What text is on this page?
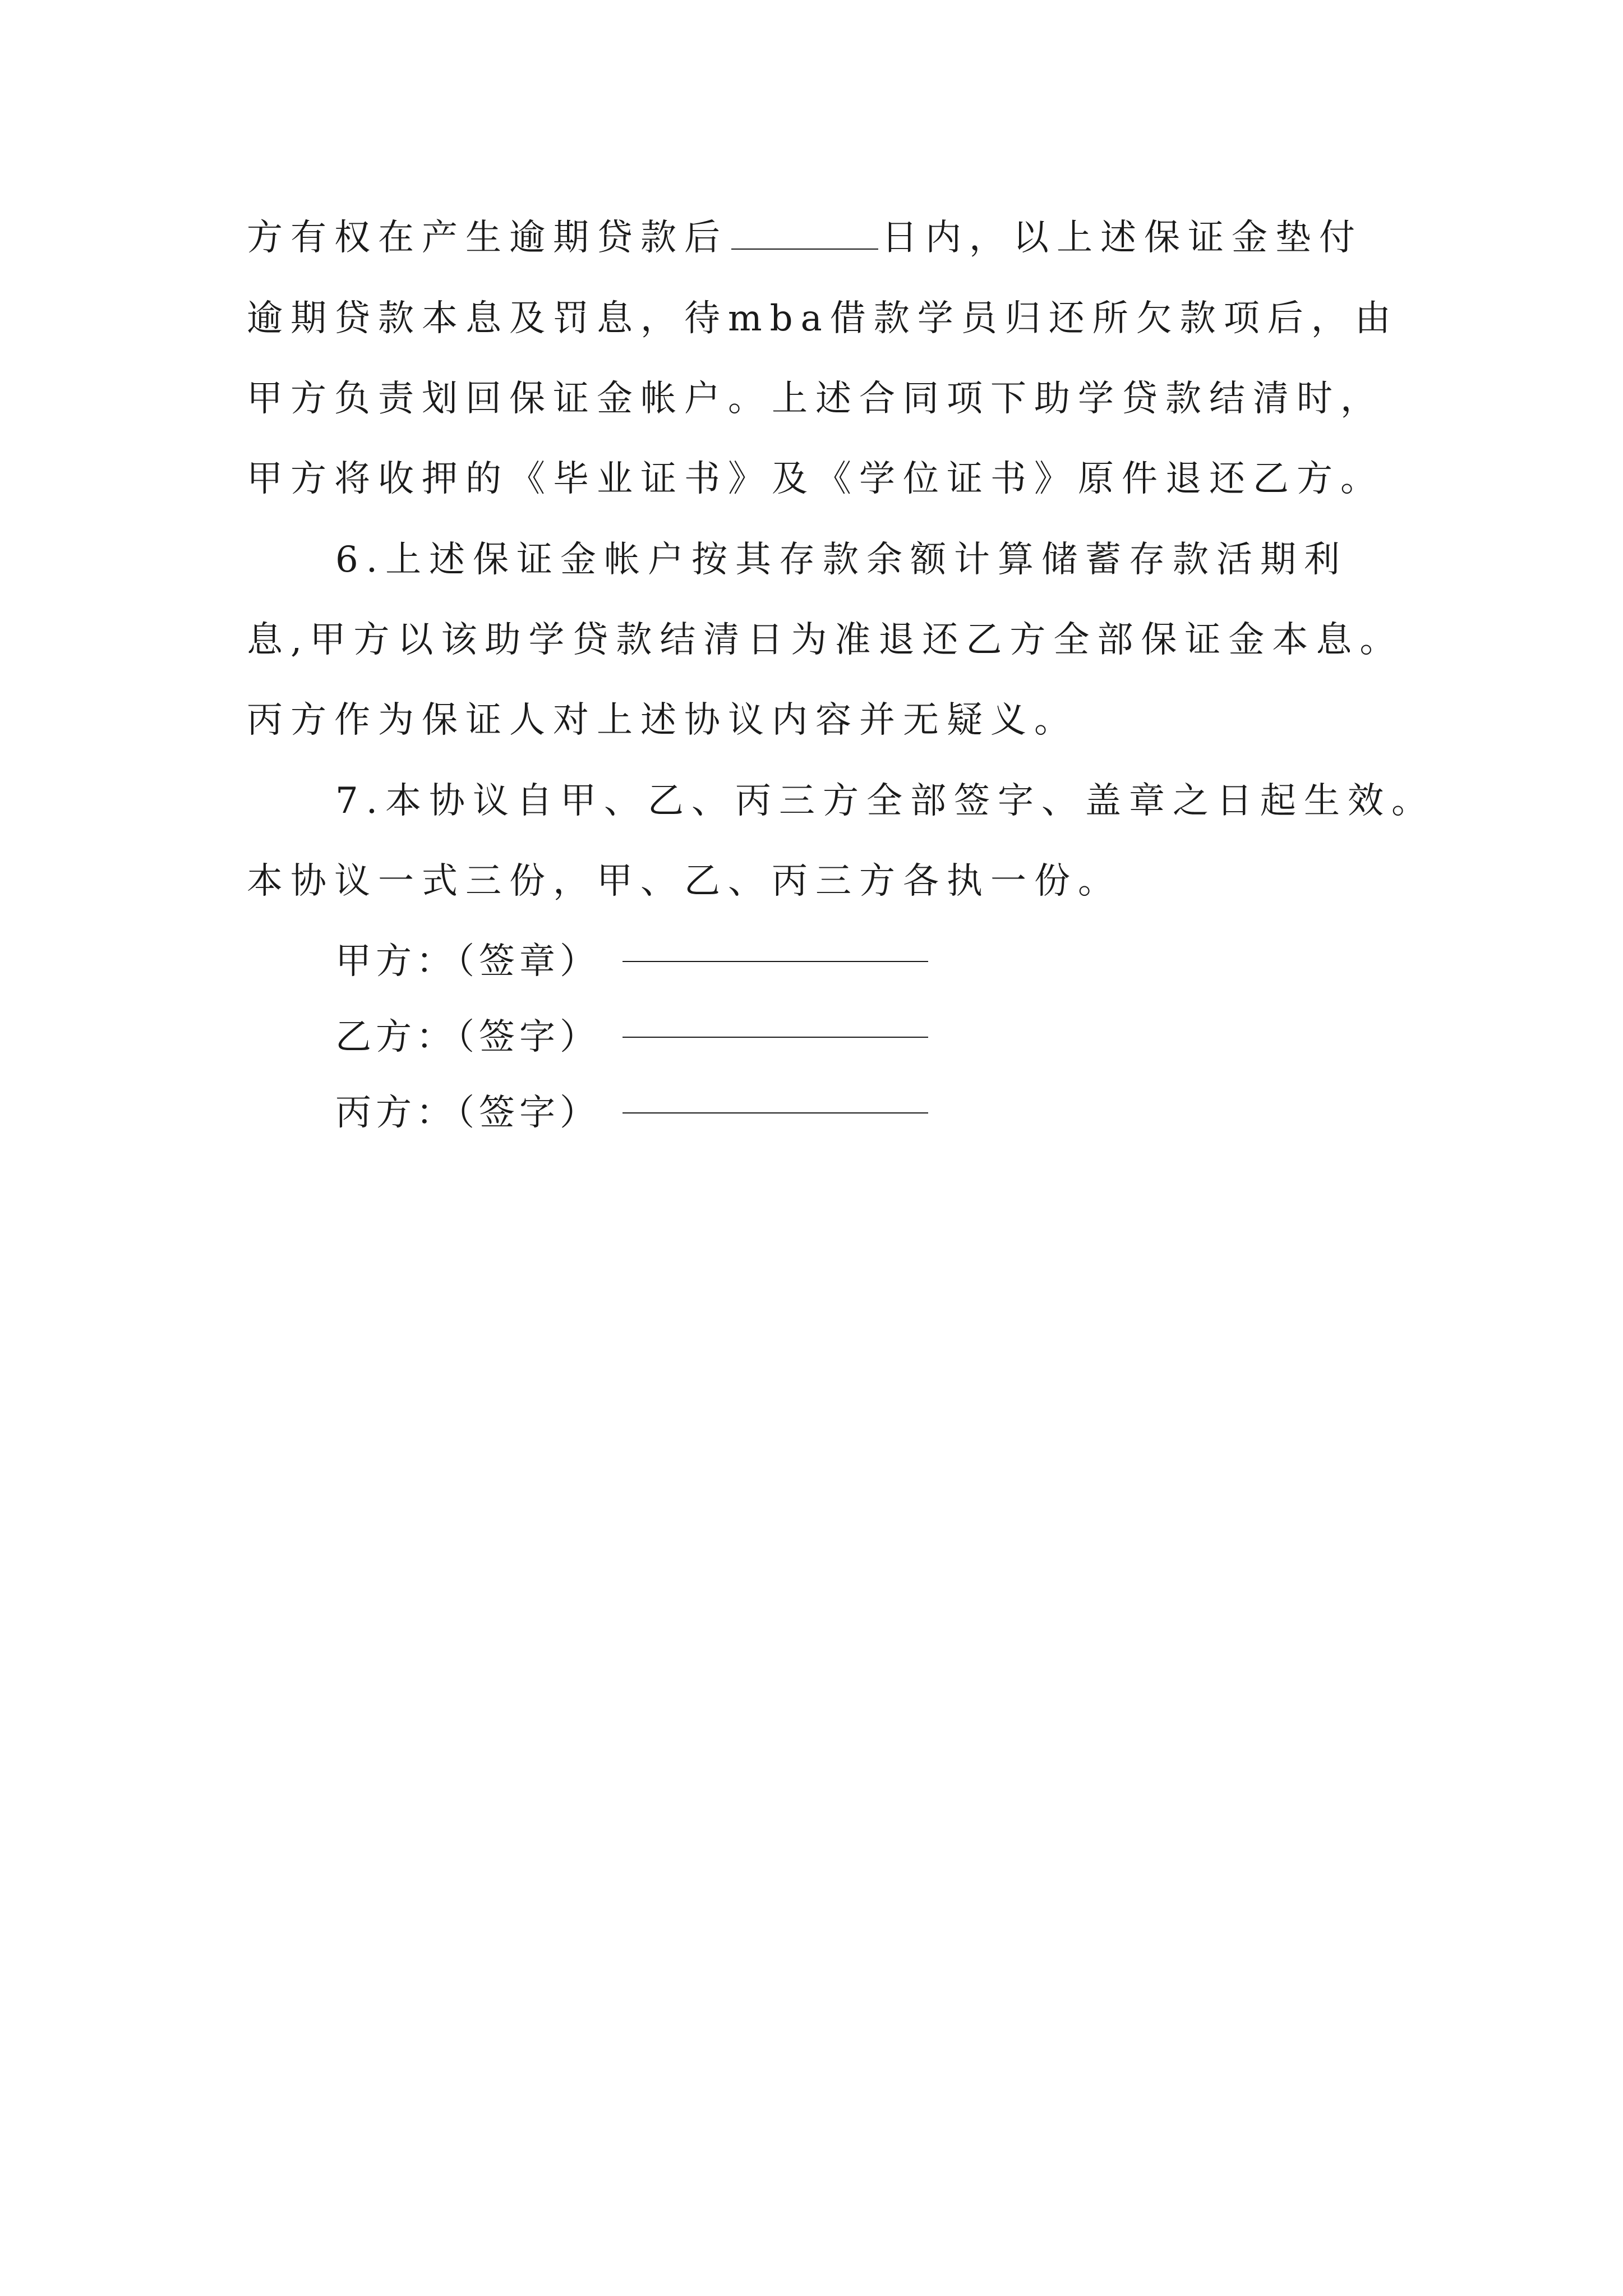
方有权在产生逾期贷款后	日内，以上述保证金垫付
逾期贷款本息及罚息，待mba借款学员归还所欠款项后，由
甲方负责划回保证金帐户。上述合同项下助学贷款结清时，
甲方将收押的《毕业证书》及《学位证书》原件退还乙方。
6.上述保证金帐户按其存款余额计算储蓄存款活期利
息,甲方以该助学贷款结清日为准退还乙方全部保证金本息。
丙方作为保证人对上述协议内容并无疑义。
7.本协议自甲、乙、丙三方全部签字、盖章之日起生效。
本协议一式三份，甲、乙、丙三方各执一份。
甲方：（签章）
乙方：（签字）
丙方：（签字）
